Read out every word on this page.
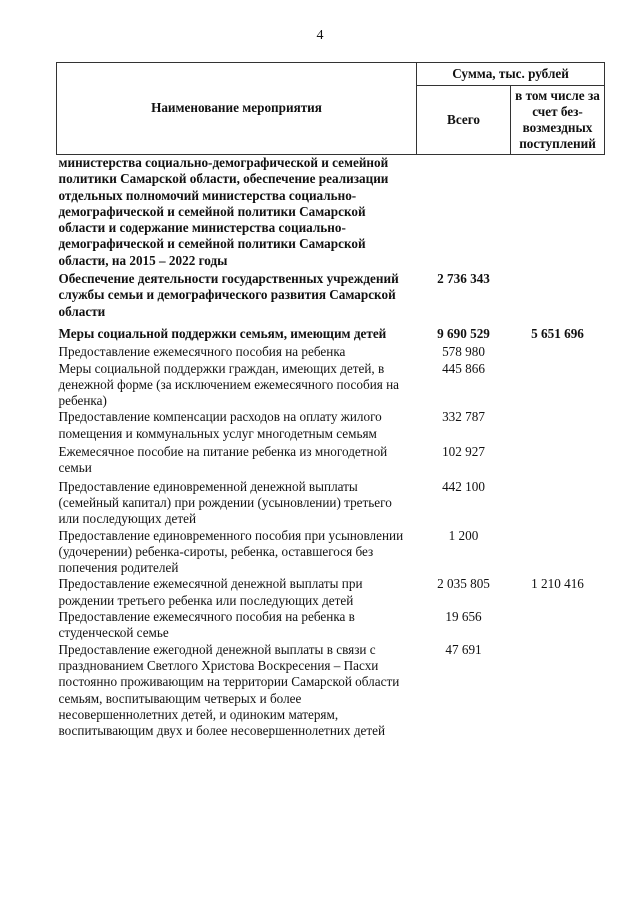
4
Наименование мероприятия	Сумма, тыс. рублей	
	Всего	в том числе за счет без-возмездных поступлений
министерства социально-демографической и семейной политики Самарской области, обеспечение реализации отдельных полномочий министерства социально-демографической и семейной политики Самарской области и содержание министерства социально-демографической и семейной политики Самарской области, на 2015 – 2022 годы		
Обеспечение деятельности государственных учреждений службы семьи и демографического развития Самарской области	2 736 343	
Меры социальной поддержки семьям, имеющим детей	9 690 529	5 651 696
Предоставление ежемесячного пособия на ребенка	578 980	
Меры социальной поддержки граждан, имеющих детей, в денежной форме (за исключением ежемесячного пособия на ребенка)	445 866	
Предоставление компенсации расходов на оплату жилого помещения и коммунальных услуг многодетным семьям	332 787	
Ежемесячное пособие на питание ребенка из многодетной семьи	102 927	
Предоставление единовременной денежной выплаты (семейный капитал) при рождении (усыновлении) третьего или последующих детей	442 100	
Предоставление единовременного пособия при усыновлении (удочерении) ребенка-сироты, ребенка, оставшегося без попечения родителей	1 200	
Предоставление ежемесячной денежной выплаты при рождении третьего ребенка или последующих детей	2 035 805	1 210 416
Предоставление ежемесячного пособия на ребенка в студенческой семье	19 656	
Предоставление ежегодной денежной выплаты в связи с празднованием Светлого Христова Воскресения – Пасхи постоянно проживающим на территории Самарской области семьям, воспитывающим четверых и более несовершеннолетних детей, и одиноким матерям, воспитывающим двух и более несовершеннолетних детей	47 691	
